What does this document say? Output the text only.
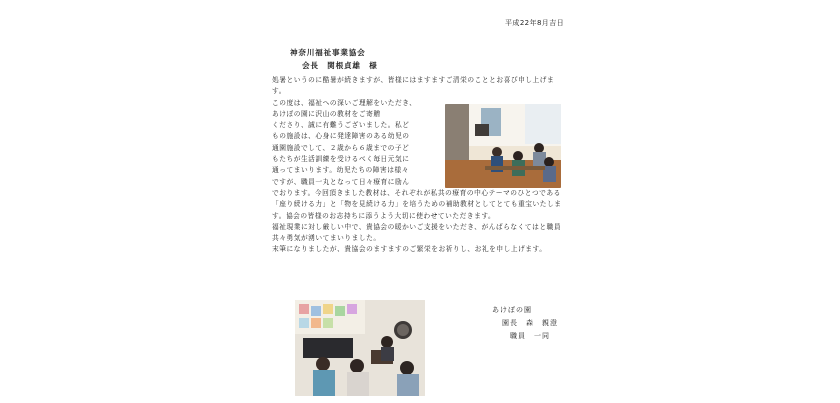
平成22年8月吉日
神奈川福祉事業協会
会長　関根貞雄　様

処暑というのに酷暑が続きますが、皆様にはますますご清栄のこととお喜び申し上げます。

この度は、福祉への深いご理解をいただき、

あけぼの園に沢山の教材をご寄贈

くださり、誠に有難うございました。私ど

もの施設は、心身に発達障害のある幼児の

通園施設でして、２歳から６歳までの子ど

もたちが生活訓練を受けるべく毎日元気に

通ってまいります。幼児たちの障害は様々

ですが、職員一丸となって日々療育に励ん

でおります。今回頂きました教材は、それぞれが私共の療育の中心テーマのひとつである「座り続ける力」と「物を見続ける力」を培うための補助教材としてとても重宝いたします。協会の皆様のお志持ちに添うよう大切に使わせていただきます。

福祉現業に対し厳しい中で、貴協会の暖かいご支援をいただき、がんばらなくてはと職員共々勇気が湧いてまいりました。

末筆になりましたが、貴協会のますますのご繁栄をお祈りし、お礼を申し上げます。

あけぼの園
園長　森　親澄
職員　一同
